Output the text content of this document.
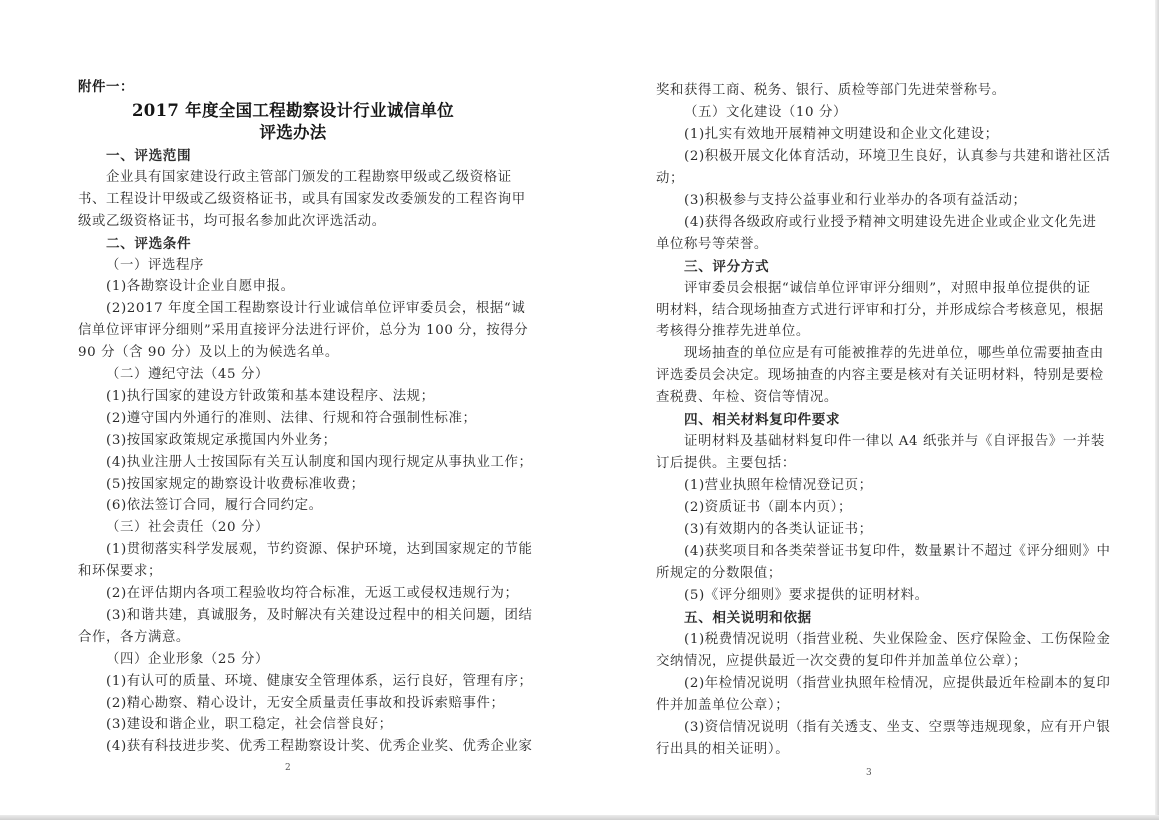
附件一：
2017 年度全国工程勘察设计行业诚信单位
评选办法
一、评选范围
企业具有国家建设行政主管部门颁发的工程勘察甲级或乙级资格证
书、工程设计甲级或乙级资格证书，或具有国家发改委颁发的工程咨询甲
级或乙级资格证书，均可报名参加此次评选活动。
二、评选条件
（一）评选程序
(1)各勘察设计企业自愿申报。
(2)2017 年度全国工程勘察设计行业诚信单位评审委员会，根据“诚
信单位评审评分细则”采用直接评分法进行评价，总分为 100 分，按得分
90 分（含 90 分）及以上的为候选名单。
（二）遵纪守法（45 分）
(1)执行国家的建设方针政策和基本建设程序、法规；
(2)遵守国内外通行的准则、法律、行规和符合强制性标准；
(3)按国家政策规定承揽国内外业务；
(4)执业注册人士按国际有关互认制度和国内现行规定从事执业工作；
(5)按国家规定的勘察设计收费标准收费；
(6)依法签订合同，履行合同约定。
（三）社会责任（20 分）
(1)贯彻落实科学发展观，节约资源、保护环境，达到国家规定的节能
和环保要求；
(2)在评估期内各项工程验收均符合标准，无返工或侵权违规行为；
(3)和谐共建，真诚服务，及时解决有关建设过程中的相关问题，团结
合作，各方满意。
（四）企业形象（25 分）
(1)有认可的质量、环境、健康安全管理体系，运行良好，管理有序；
(2)精心勘察、精心设计，无安全质量责任事故和投诉索赔事件；
(3)建设和谐企业，职工稳定，社会信誉良好；
(4)获有科技进步奖、优秀工程勘察设计奖、优秀企业奖、优秀企业家
2
奖和获得工商、税务、银行、质检等部门先进荣誉称号。
（五）文化建设（10 分）
(1)扎实有效地开展精神文明建设和企业文化建设；
(2)积极开展文化体育活动，环境卫生良好，认真参与共建和谐社区活
动；
(3)积极参与支持公益事业和行业举办的各项有益活动；
(4)获得各级政府或行业授予精神文明建设先进企业或企业文化先进
单位称号等荣誉。
三、评分方式
评审委员会根据“诚信单位评审评分细则”，对照申报单位提供的证
明材料，结合现场抽查方式进行评审和打分，并形成综合考核意见，根据
考核得分推荐先进单位。
现场抽查的单位应是有可能被推荐的先进单位，哪些单位需要抽查由
评选委员会决定。现场抽查的内容主要是核对有关证明材料，特别是要检
查税费、年检、资信等情况。
四、相关材料复印件要求
证明材料及基础材料复印件一律以 A4 纸张并与《自评报告》一并装
订后提供。主要包括：
(1)营业执照年检情况登记页；
(2)资质证书（副本内页）；
(3)有效期内的各类认证证书；
(4)获奖项目和各类荣誉证书复印件，数量累计不超过《评分细则》中
所规定的分数限值；
(5)《评分细则》要求提供的证明材料。
五、相关说明和依据
(1)税费情况说明（指营业税、失业保险金、医疗保险金、工伤保险金
交纳情况，应提供最近一次交费的复印件并加盖单位公章）；
(2)年检情况说明（指营业执照年检情况，应提供最近年检副本的复印
件并加盖单位公章）；
(3)资信情况说明（指有关透支、坐支、空票等违规现象，应有开户银
行出具的相关证明）。
3
